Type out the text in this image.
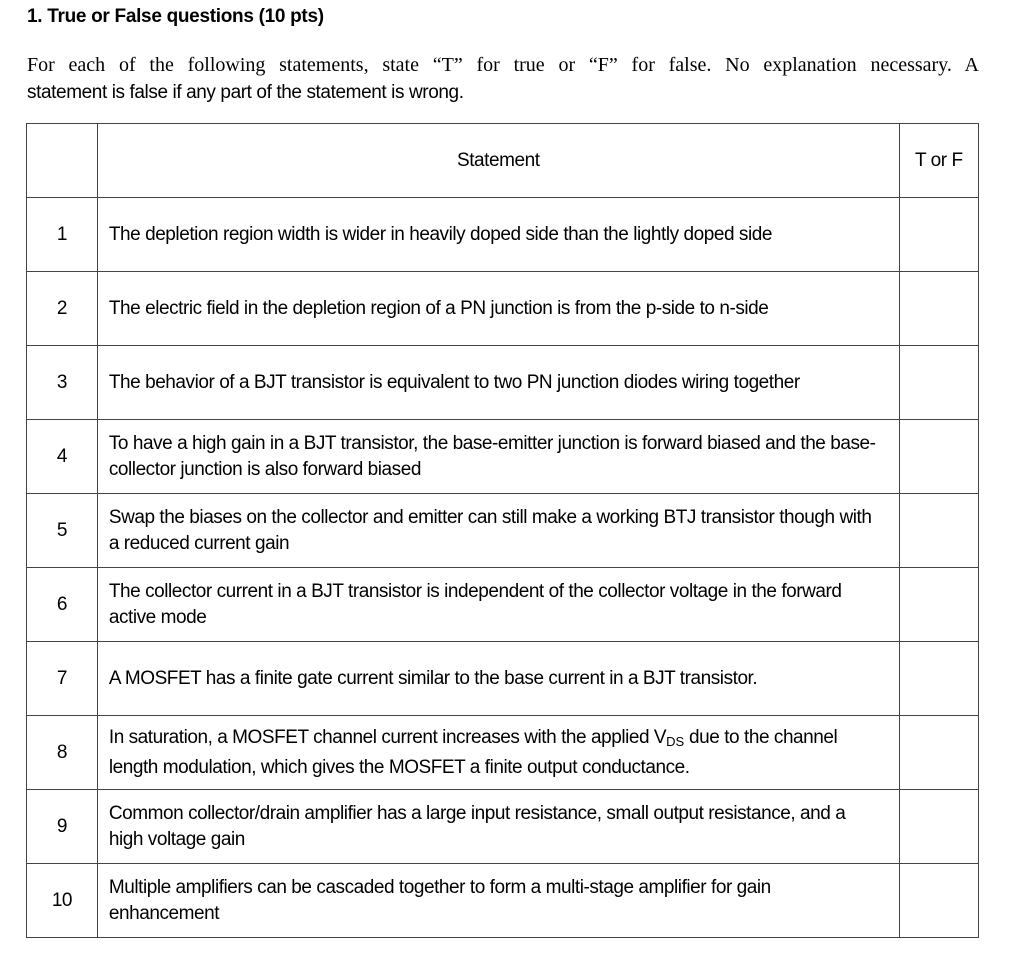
1. True or False questions (10 pts)
For each of the following statements, state “T” for true or “F” for false. No explanation necessary. A
statement is false if any part of the statement is wrong.
	Statement	T or F
1	The depletion region width is wider in heavily doped side than the lightly doped side	
2	The electric field in the depletion region of a PN junction is from the p-side to n-side	
3	The behavior of a BJT transistor is equivalent to two PN junction diodes wiring together	
4	To have a high gain in a BJT transistor, the base-emitter junction is forward biased and the base-collector junction is also forward biased	
5	Swap the biases on the collector and emitter can still make a working BTJ transistor though with a reduced current gain	
6	The collector current in a BJT transistor is independent of the collector voltage in the forward active mode	
7	A MOSFET has a finite gate current similar to the base current in a BJT transistor.	
8	In saturation, a MOSFET channel current increases with the applied $V_{DS}$ due to the channel length modulation, which gives the MOSFET a finite output conductance.	
9	Common collector/drain amplifier has a large input resistance, small output resistance, and a high voltage gain	
10	Multiple amplifiers can be cascaded together to form a multi-stage amplifier for gain enhancement	
